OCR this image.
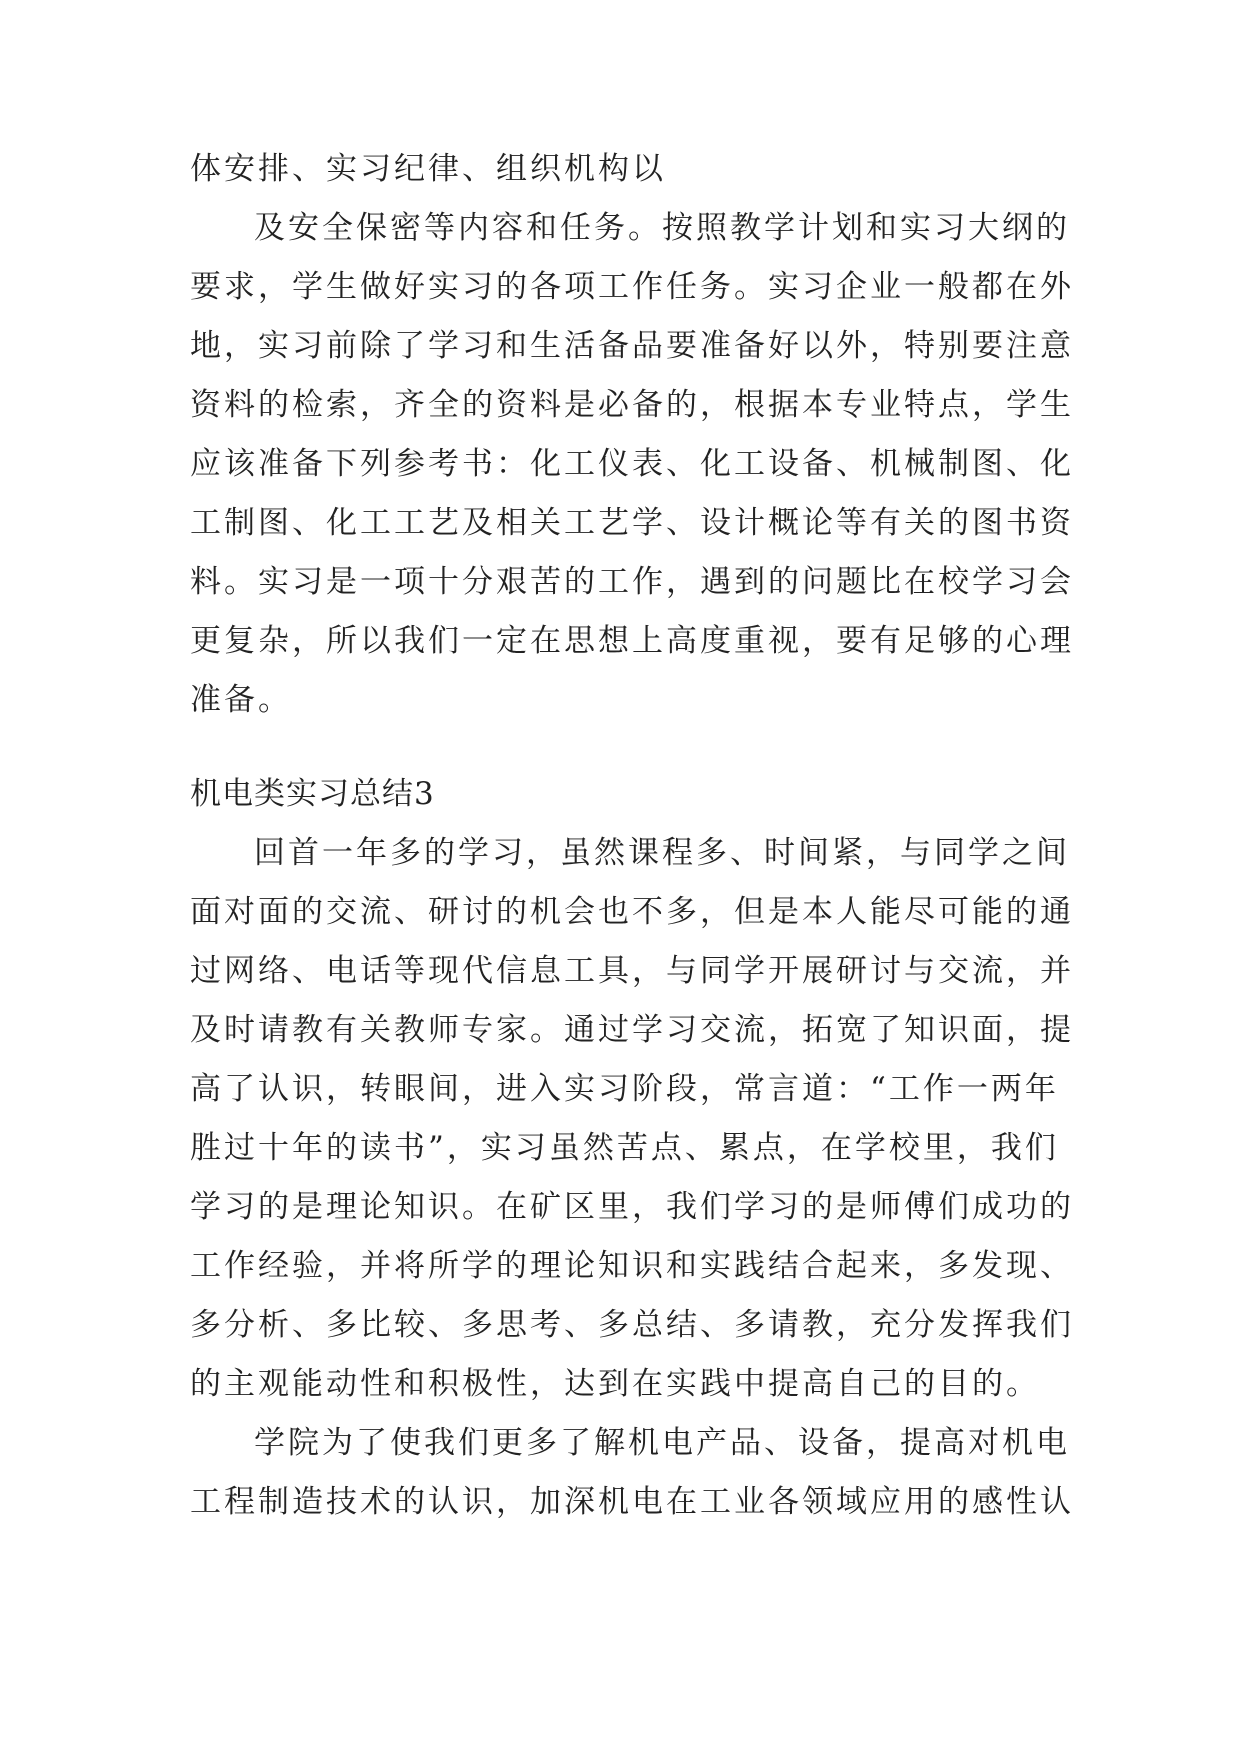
体安排、实习纪律、组织机构以
及安全保密等内容和任务。按照教学计划和实习大纲的
要求，学生做好实习的各项工作任务。实习企业一般都在外
地，实习前除了学习和生活备品要准备好以外，特别要注意
资料的检索，齐全的资料是必备的，根据本专业特点，学生
应该准备下列参考书：化工仪表、化工设备、机械制图、化
工制图、化工工艺及相关工艺学、设计概论等有关的图书资
料。实习是一项十分艰苦的工作，遇到的问题比在校学习会
更复杂，所以我们一定在思想上高度重视，要有足够的心理
准备。
机电类实习总结3
回首一年多的学习，虽然课程多、时间紧，与同学之间
面对面的交流、研讨的机会也不多，但是本人能尽可能的通
过网络、电话等现代信息工具，与同学开展研讨与交流，并
及时请教有关教师专家。通过学习交流，拓宽了知识面，提
高了认识，转眼间，进入实习阶段，常言道：“工作一两年
胜过十年的读书”，实习虽然苦点、累点，在学校里，我们
学习的是理论知识。在矿区里，我们学习的是师傅们成功的
工作经验，并将所学的理论知识和实践结合起来，多发现、
多分析、多比较、多思考、多总结、多请教，充分发挥我们
的主观能动性和积极性，达到在实践中提高自己的目的。
学院为了使我们更多了解机电产品、设备，提高对机电
工程制造技术的认识，加深机电在工业各领域应用的感性认
